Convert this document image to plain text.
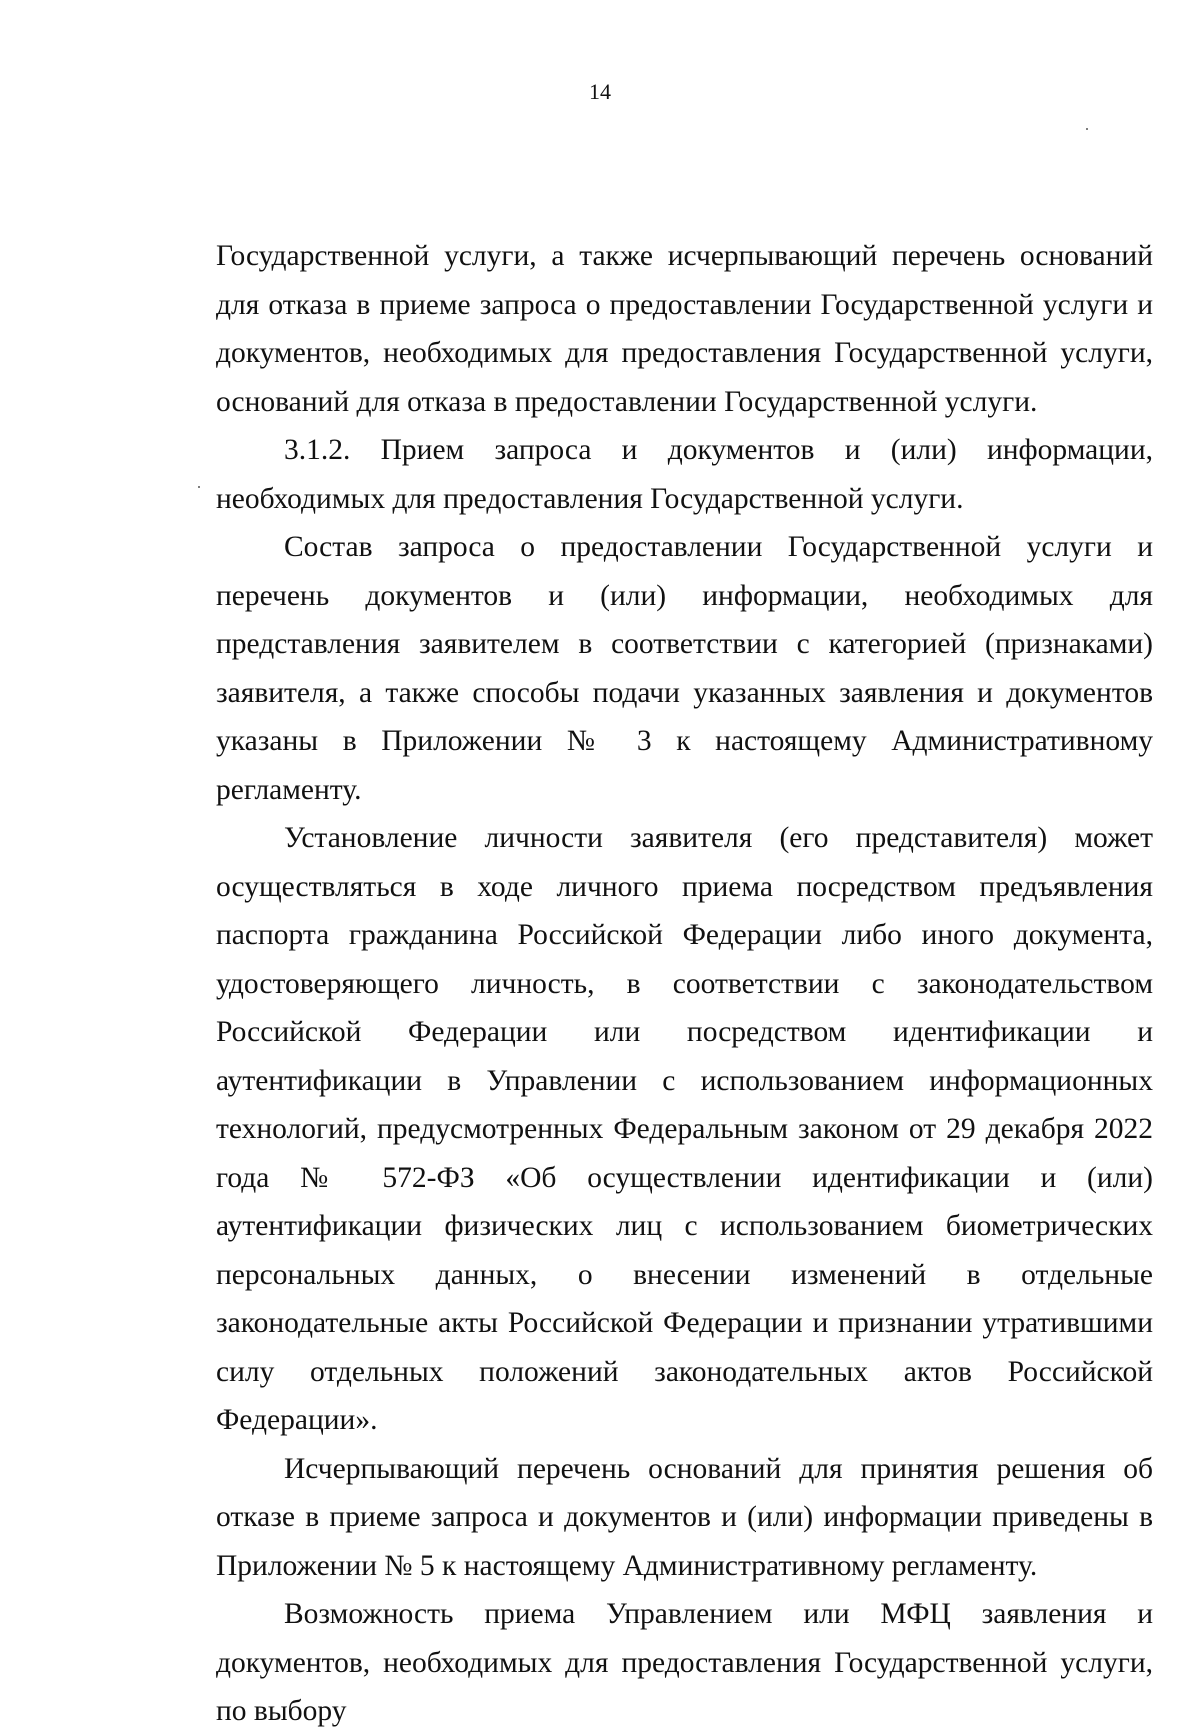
14

Государственной услуги, а также исчерпывающий перечень оснований для отказа в приеме запроса о предоставлении Государственной услуги и документов, необходимых для предоставления Государственной услуги, оснований для отказа в предоставлении Государственной услуги.

3.1.2. Прием запроса и документов и (или) информации, необходимых для предоставления Государственной услуги.

Состав запроса о предоставлении Государственной услуги и перечень документов и (или) информации, необходимых для представления заявителем в соответствии с категорией (признаками) заявителя, а также способы подачи указанных заявления и документов указаны в Приложении № 3 к настоящему Административному регламенту.

Установление личности заявителя (его представителя) может осуществляться в ходе личного приема посредством предъявления паспорта гражданина Российской Федерации либо иного документа, удостоверяющего личность, в соответствии с законодательством Российской Федерации или посредством идентификации и аутентификации в Управлении с использованием информационных технологий, предусмотренных Федеральным законом от 29 декабря 2022 года № 572-ФЗ «Об осуществлении идентификации и (или) аутентификации физических лиц с использованием биометрических персональных данных, о внесении изменений в отдельные законодательные акты Российской Федерации и признании утратившими силу отдельных положений законодательных актов Российской Федерации».

Исчерпывающий перечень оснований для принятия решения об отказе в приеме запроса и документов и (или) информации приведены в Приложении № 5 к настоящему Административному регламенту.

Возможность приема Управлением или МФЦ заявления и документов, необходимых для предоставления Государственной услуги, по выбору
